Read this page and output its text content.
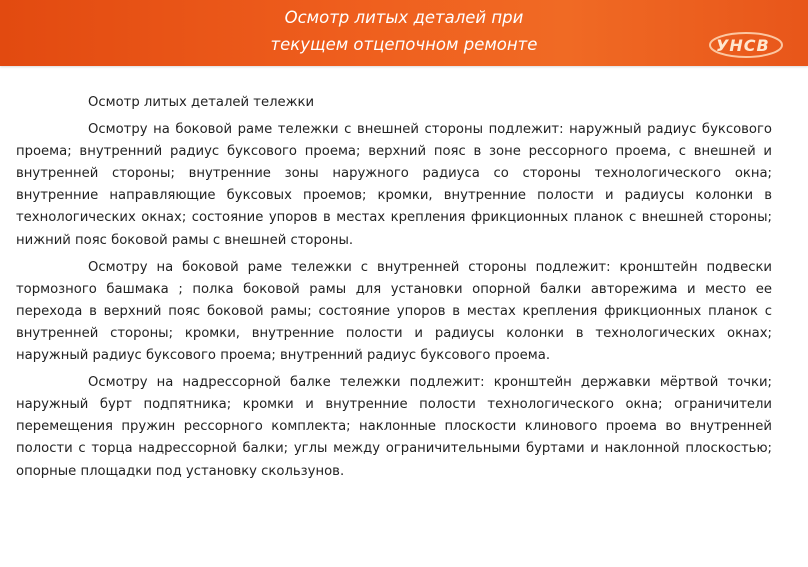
Осмотр литых деталей при
текущем отцепочном ремонте	УНСВ

Осмотр литых деталей тележки

Осмотру на боковой раме тележки с внешней стороны подлежит: наружный радиус буксового проема; внутренний радиус буксового проема; верхний пояс в зоне рессорного проема, с внешней и внутренней стороны; внутренние зоны наружного радиуса со стороны технологического окна; внутренние направляющие буксовых проемов; кромки, внутренние полости и радиусы колонки в технологических окнах; состояние упоров в местах крепления фрикционных планок с внешней стороны; нижний пояс боковой рамы с внешней стороны.

Осмотру на боковой раме тележки с внутренней стороны подлежит: кронштейн подвески тормозного башмака ; полка боковой рамы для установки опорной балки авторежима и место ее перехода в верхний пояс боковой рамы; состояние упоров в местах крепления фрикционных планок с внутренней стороны; кромки, внутренние полости и радиусы колонки в технологических окнах; наружный радиус буксового проема; внутренний радиус буксового проема.

Осмотру на надрессорной балке тележки подлежит: кронштейн державки мёртвой точки; наружный бурт подпятника; кромки и внутренние полости технологического окна; ограничители перемещения пружин рессорного комплекта; наклонные плоскости клинового проема во внутренней полости с торца надрессорной балки; углы между ограничительными буртами и наклонной плоскостью; опорные площадки под установку скользунов.
